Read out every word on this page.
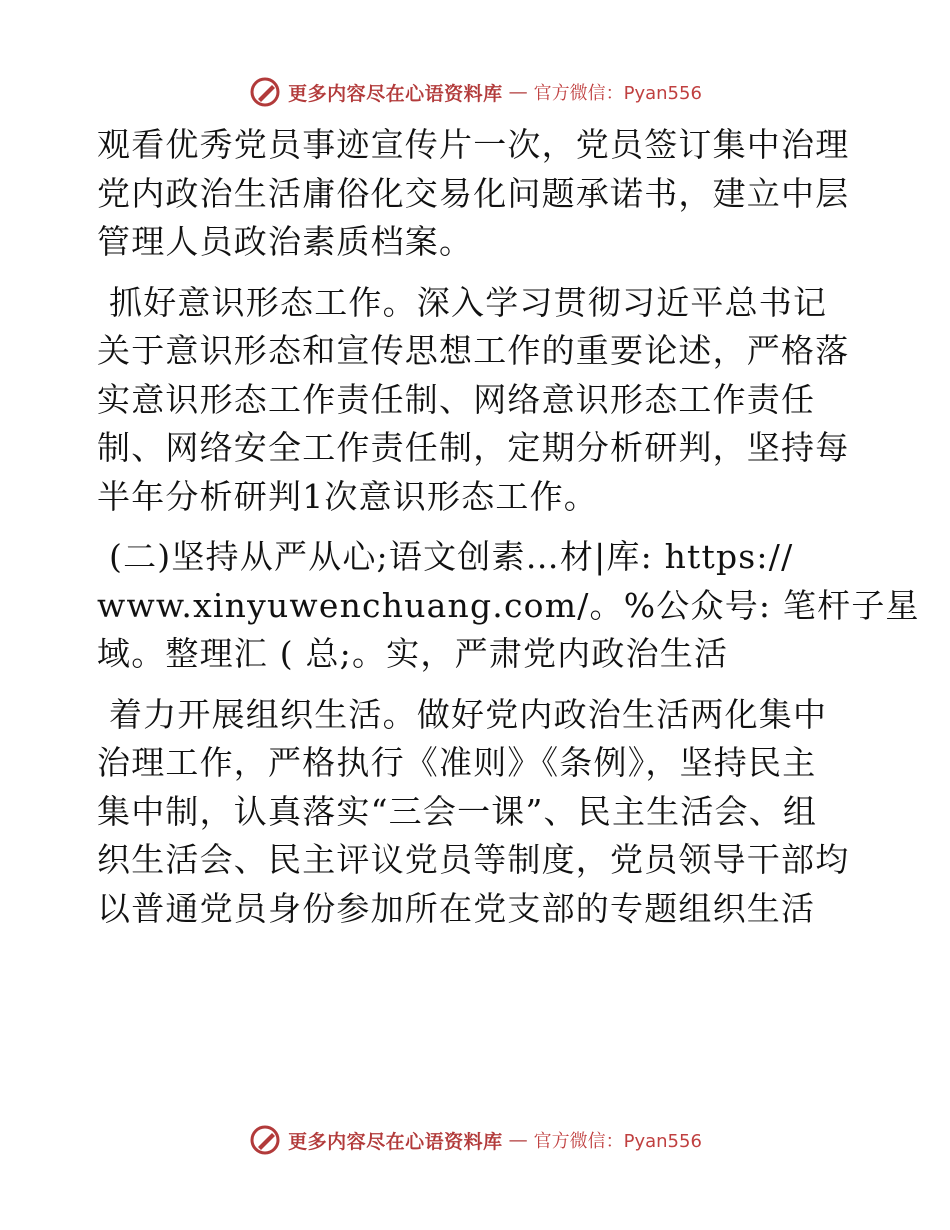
更多内容尽在心语资料库 — 官方微信：Pyan556

观看优秀党员事迹宣传片一次，党员签订集中治理
党内政治生活庸俗化交易化问题承诺书，建立中层
管理人员政治素质档案。

抓好意识形态工作。深入学习贯彻习近平总书记
关于意识形态和宣传思想工作的重要论述，严格落
实意识形态工作责任制、网络意识形态工作责任
制、网络安全工作责任制，定期分析研判，坚持每
半年分析研判1次意识形态工作。

(二)坚持从严从心;语文创素…材|库: https://
www.xinyuwenchuang.com/。%公众号: 笔杆子星
域。整理汇 ( 总;。实，严肃党内政治生活

着力开展组织生活。做好党内政治生活两化集中
治理工作，严格执行《准则》《条例》，坚持民主
集中制，认真落实“三会一课”、民主生活会、组
织生活会、民主评议党员等制度，党员领导干部均
以普通党员身份参加所在党支部的专题组织生活

更多内容尽在心语资料库 — 官方微信：Pyan556
